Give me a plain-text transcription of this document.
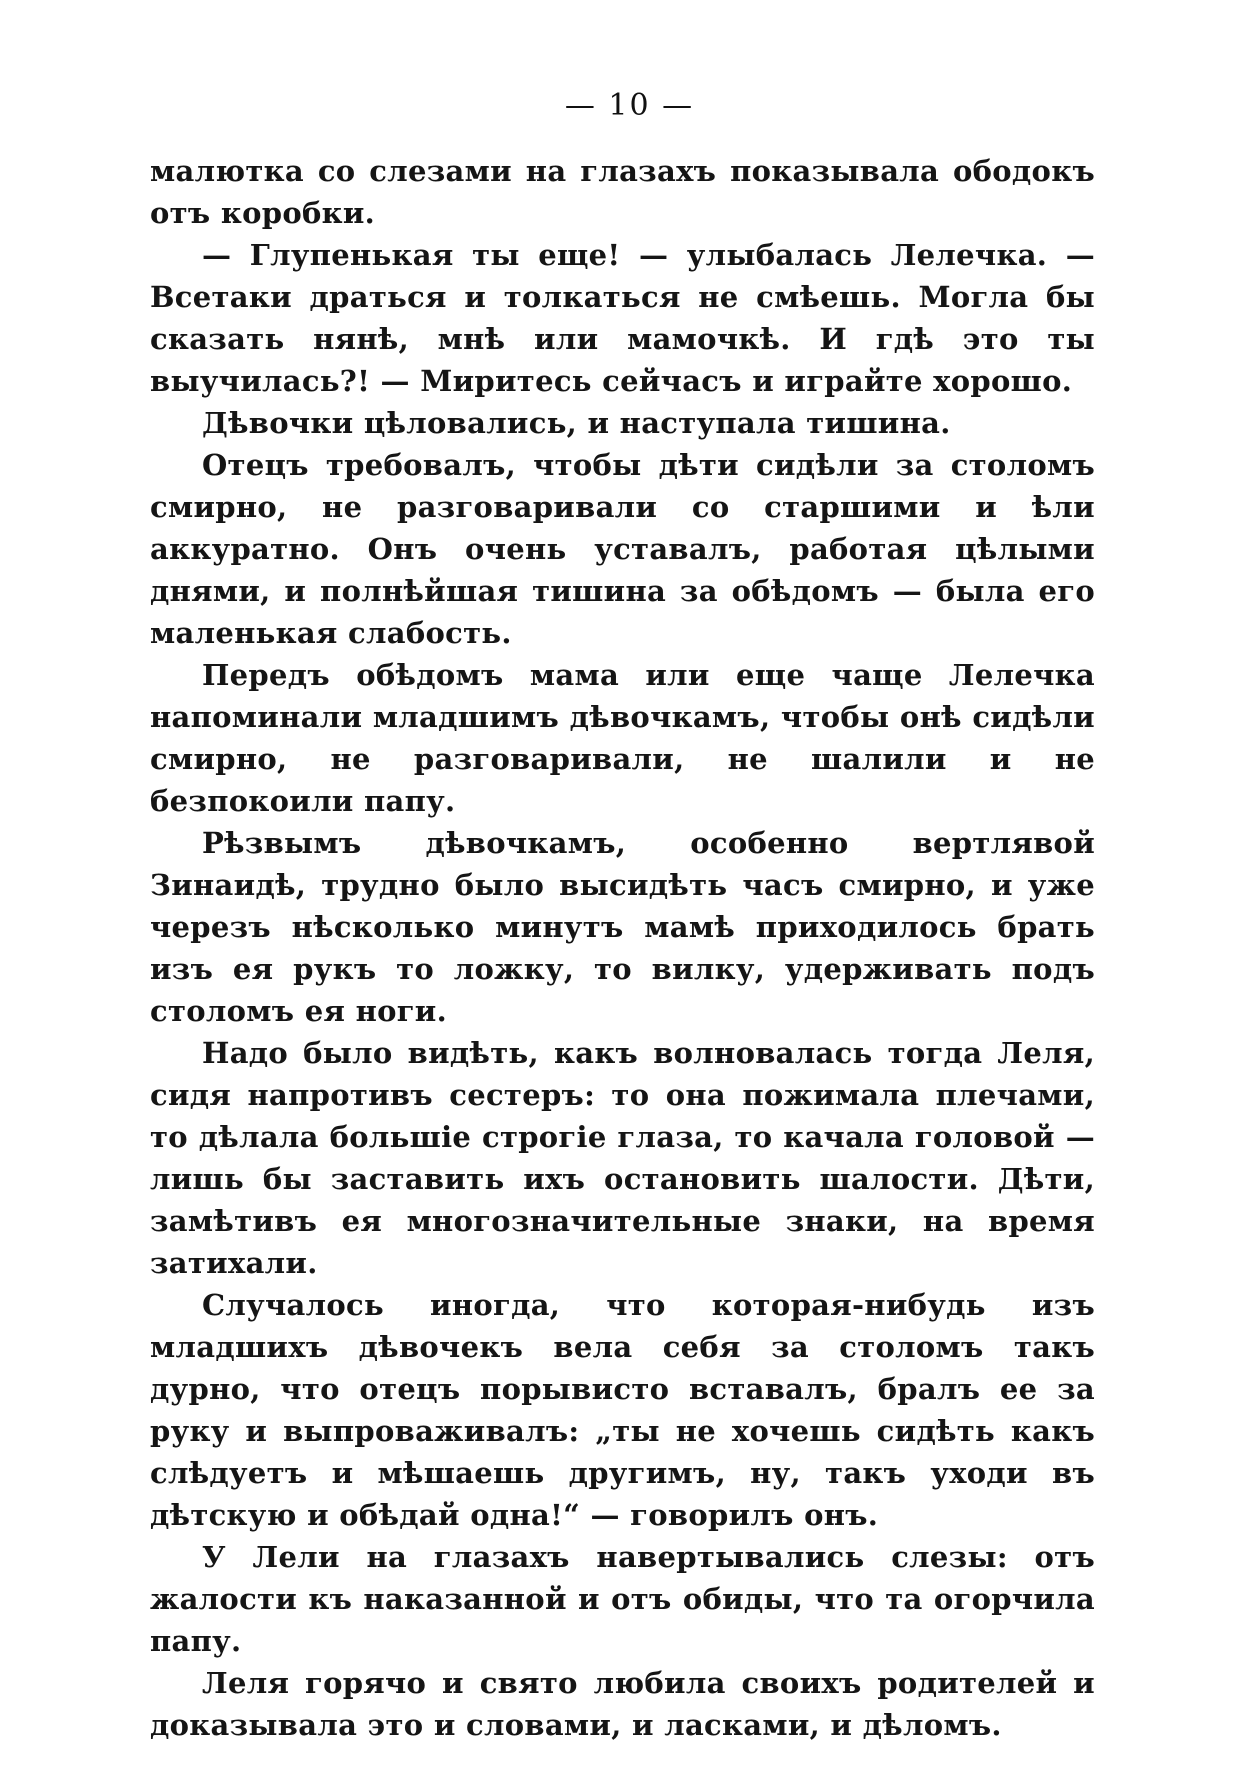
— 10 —

малютка со слезами на глазахъ показывала ободокъ отъ коробки.

— Глупенькая ты еще! — улыбалась Лелечка. — Всетаки драться и толкаться не смѣешь. Могла бы сказать нянѣ, мнѣ или мамочкѣ. И гдѣ это ты выучилась?! — Миритесь сейчасъ и играйте хорошо.

Дѣвочки цѣловались, и наступала тишина.

Отецъ требовалъ, чтобы дѣти сидѣли за столомъ смирно, не разговаривали со старшими и ѣли аккуратно. Онъ очень уставалъ, работая цѣлыми днями, и полнѣйшая тишина за обѣдомъ — была его маленькая слабость.

Передъ обѣдомъ мама или еще чаще Лелечка напоминали младшимъ дѣвочкамъ, чтобы онѣ сидѣли смирно, не разговаривали, не шалили и не безпокоили папу.

Рѣзвымъ дѣвочкамъ, особенно вертлявой Зинаидѣ, трудно было высидѣть часъ смирно, и уже черезъ нѣсколько минутъ мамѣ приходилось брать изъ ея рукъ то ложку, то вилку, удерживать подъ столомъ ея ноги.

Надо было видѣть, какъ волновалась тогда Леля, сидя напротивъ сестеръ: то она пожимала плечами, то дѣлала большіе строгіе глаза, то качала головой — лишь бы заставить ихъ остановить шалости. Дѣти, замѣтивъ ея многозначительные знаки, на время затихали.

Случалось иногда, что которая-нибудь изъ младшихъ дѣвочекъ вела себя за столомъ такъ дурно, что отецъ порывисто вставалъ, бралъ ее за руку и выпроваживалъ: „ты не хочешь сидѣть какъ слѣдуетъ и мѣшаешь другимъ, ну, такъ уходи въ дѣтскую и обѣдай одна!“ — говорилъ онъ.

У Лели на глазахъ навертывались слезы: отъ жалости къ наказанной и отъ обиды, что та огорчила папу.

Леля горячо и свято любила своихъ родителей и доказывала это и словами, и ласками, и дѣломъ.
